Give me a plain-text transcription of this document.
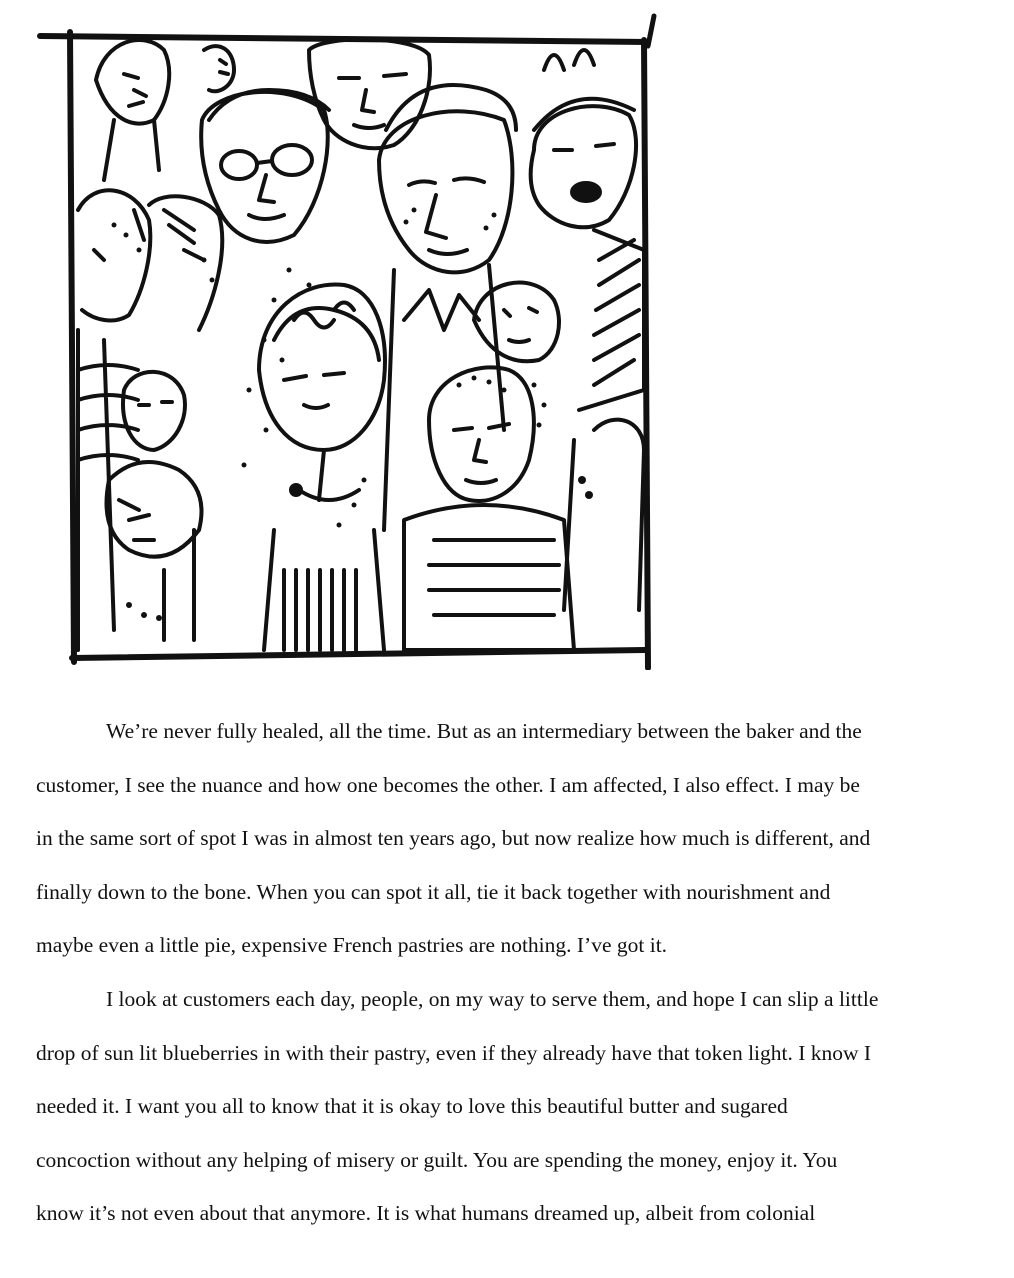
We’re never fully healed, all the time. But as an intermediary between the baker and the
customer, I see the nuance and how one becomes the other. I am affected, I also effect. I may be
in the same sort of spot I was in almost ten years ago, but now realize how much is different, and
finally down to the bone. When you can spot it all, tie it back together with nourishment and
maybe even a little pie, expensive French pastries are nothing. I’ve got it.

I look at customers each day, people, on my way to serve them, and hope I can slip a little
drop of sun lit blueberries in with their pastry, even if they already have that token light. I know I
needed it. I want you all to know that it is okay to love this beautiful butter and sugared
concoction without any helping of misery or guilt. You are spending the money, enjoy it. You
know it’s not even about that anymore. It is what humans dreamed up, albeit from colonial
